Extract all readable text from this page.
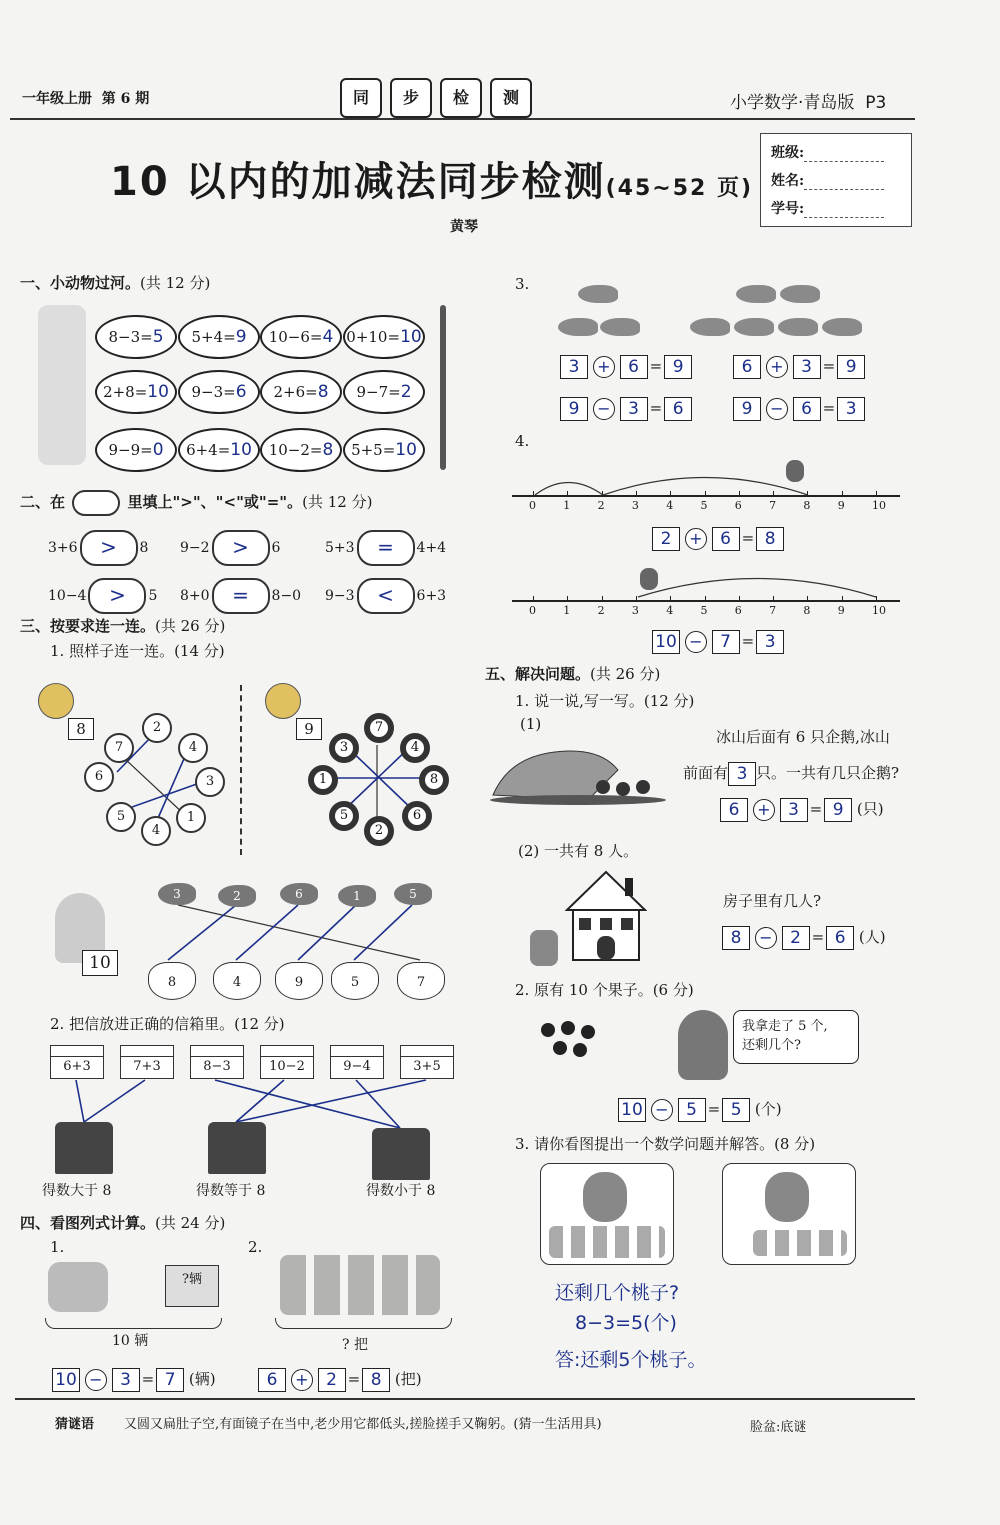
一年级上册 第 6 期	同	步	检	测	小学数学·青岛版 P3
10 以内的加减法同步检测(45~52 页)
黄琴
班级:
姓名:
学号:
一、小动物过河。(共 12 分)
8−3=5	5+4=9	10−6=4 0+10=10
2+8=10	9−3=6	2+6=8	9−7=2
9−9=0	6+4=10	10−2=8	5+5=10
二、在	里填上">"、"<"或"="。(共 12 分)
3+6 > 8 9−2 > 6	5+3 = 4+4
10−4 > 5 8+0 = 8−0 9−3 < 6+3
三、按要求连一连。(共 26 分)
1. 照样子连一连。(14 分)
8	9
2
7	4
6	3
5	1
4
7
3	4
1	8
5	6
2
10
3	2	6	1	5
8	4	9	5	7
2. 把信放进正确的信箱里。(12 分)
6+3	7+3	8−3	10−2	9−4	3+5
得数大于 8	得数等于 8	得数小于 8
四、看图列式计算。(共 24 分)
1.	2.
?辆
10 辆	? 把
10 − 3 = 7 (辆)	6 + 2 = 8 (把)
3.
3 + 6 = 9
9 − 3 = 6
6 + 3 = 9
9 − 6 = 3
4.
0 1 2 3 4 5 6 7 8 9 10
2 + 6 = 8
0 1 2 3 4 5 6 7 8 9 10
10 − 7 = 3
五、解决问题。(共 26 分)
1. 说一说,写一写。(12 分)
(1)
冰山后面有 6 只企鹅,冰山
前面有 3 只。一共有几只企鹅?
6 + 3 = 9 (只)
(2) 一共有 8 人。
房子里有几人?
8 − 2 = 6 (人)
2. 原有 10 个果子。(6 分)
我拿走了 5 个,
还剩几个?
10 − 5 = 5 (个)
3. 请你看图提出一个数学问题并解答。(8 分)
还剩几个桃子?
8−3=5(个)
答:还剩5个桃子。
猜谜语 又圆又扁肚子空,有面镜子在当中,老少用它都低头,搓脸搓手又鞠躬。(猜一生活用具)	脸盆:底谜
